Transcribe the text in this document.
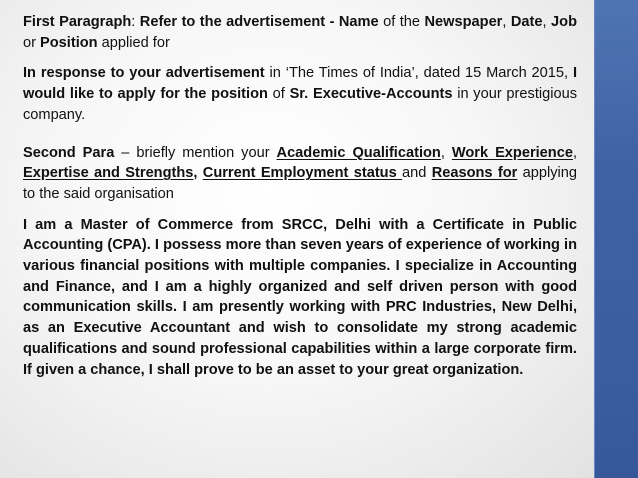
First Paragraph: Refer to the advertisement - Name of the Newspaper, Date, Job or Position applied for

In response to your advertisement in ‘The Times of India’, dated 15 March 2015, I would like to apply for the position of Sr. Executive-Accounts in your prestigious company.

Second Para – briefly mention your Academic Qualification, Work Experience, Expertise and Strengths, Current Employment status and Reasons for applying to the said organisation

I am a Master of Commerce from SRCC, Delhi with a Certificate in Public Accounting (CPA). I possess more than seven years of experience of working in various financial positions with multiple companies. I specialize in Accounting and Finance, and I am a highly organized and self driven person with good communication skills. I am presently working with PRC Industries, New Delhi, as an Executive Accountant and wish to consolidate my strong academic qualifications and sound professional capabilities within a large corporate firm. If given a chance, I shall prove to be an asset to your great organization.
